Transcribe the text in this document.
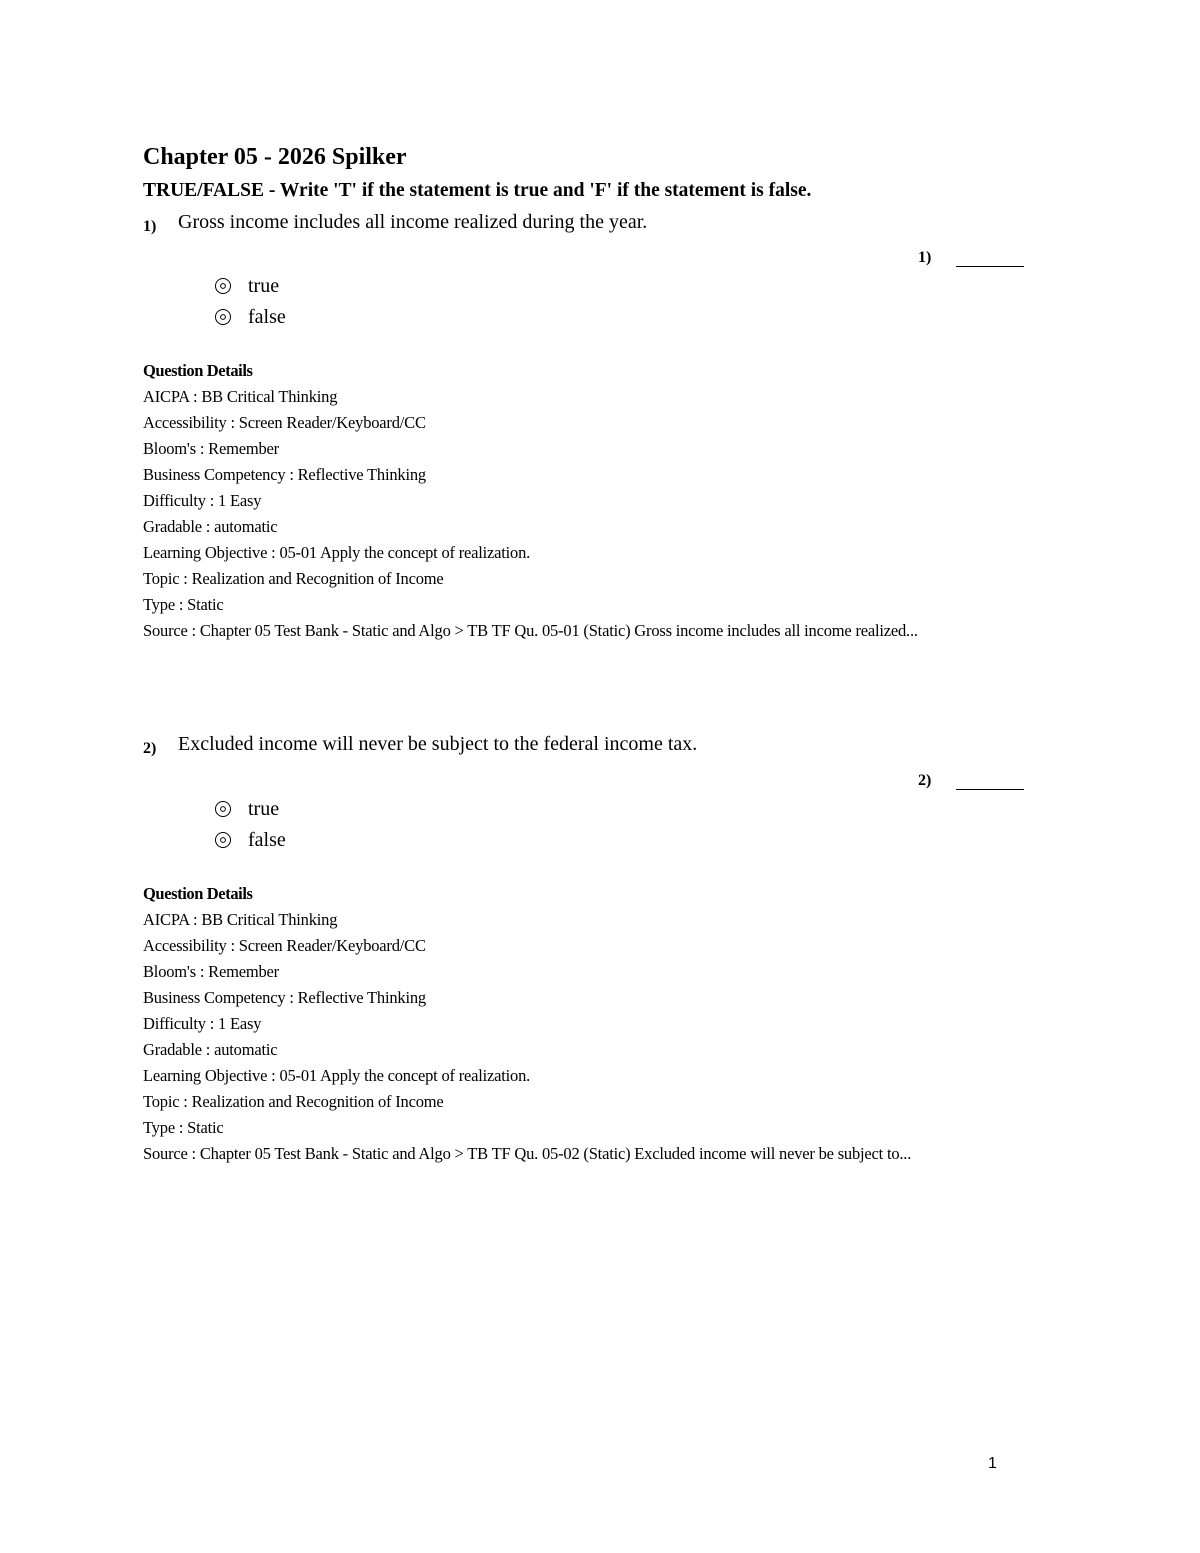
Chapter 05 - 2026 Spilker
TRUE/FALSE - Write 'T' if the statement is true and 'F' if the statement is false.
1) Gross income includes all income realized during the year.
1)
true
false
Question Details
AICPA : BB Critical Thinking
Accessibility : Screen Reader/Keyboard/CC
Bloom's : Remember
Business Competency : Reflective Thinking
Difficulty : 1 Easy
Gradable : automatic
Learning Objective : 05-01 Apply the concept of realization.
Topic : Realization and Recognition of Income
Type : Static
Source : Chapter 05 Test Bank - Static and Algo > TB TF Qu. 05-01 (Static) Gross income includes all income realized...
2) Excluded income will never be subject to the federal income tax.
2)
true
false
Question Details
AICPA : BB Critical Thinking
Accessibility : Screen Reader/Keyboard/CC
Bloom's : Remember
Business Competency : Reflective Thinking
Difficulty : 1 Easy
Gradable : automatic
Learning Objective : 05-01 Apply the concept of realization.
Topic : Realization and Recognition of Income
Type : Static
Source : Chapter 05 Test Bank - Static and Algo > TB TF Qu. 05-02 (Static) Excluded income will never be subject to...
1
